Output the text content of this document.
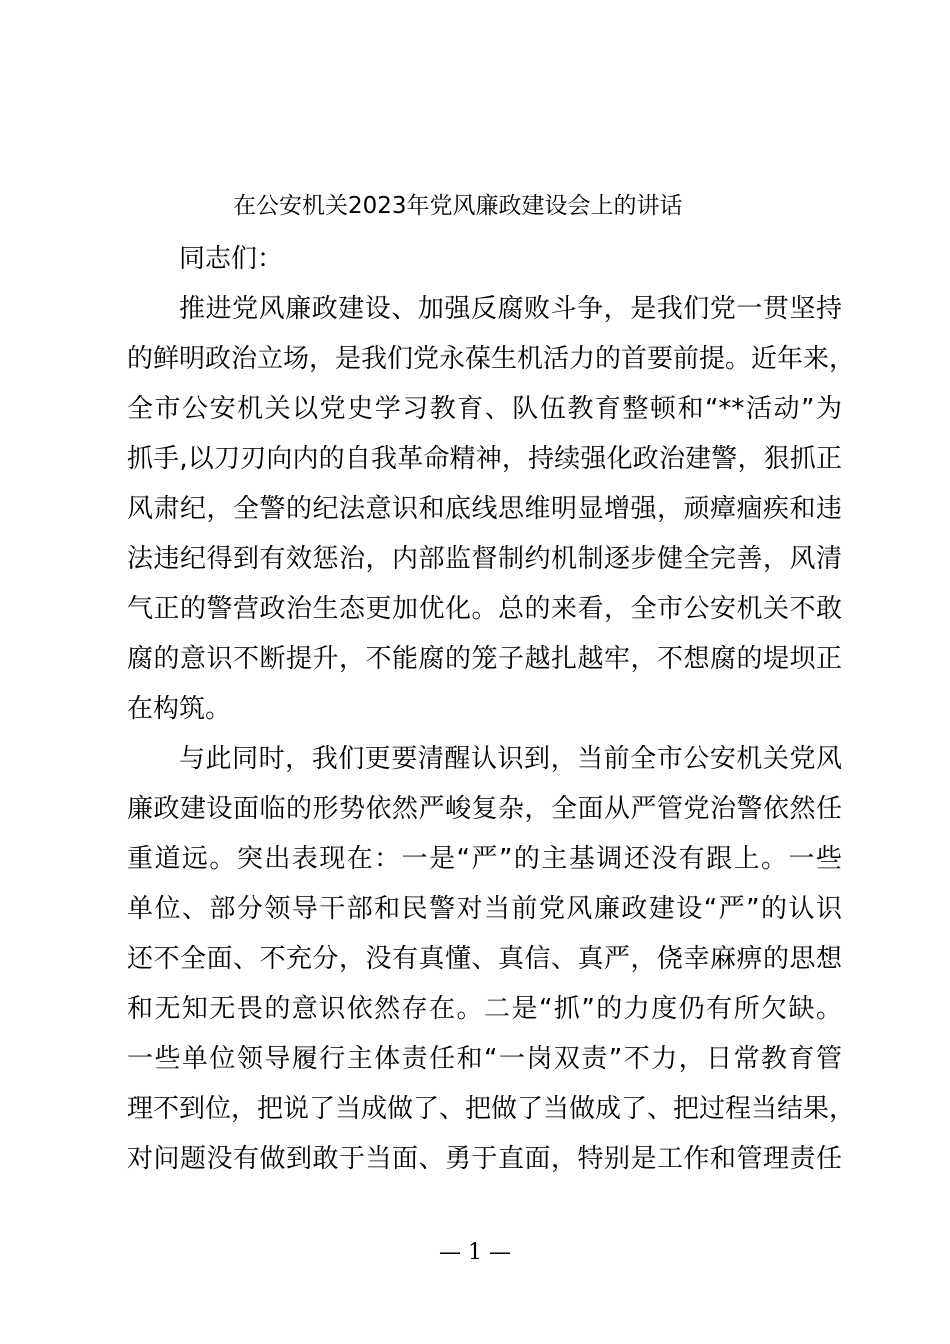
在公安机关2023年党风廉政建设会上的讲话
同志们：
推进党风廉政建设、加强反腐败斗争，是我们党一贯坚持
的鲜明政治立场，是我们党永葆生机活力的首要前提。近年来，
全市公安机关以党史学习教育、队伍教育整顿和“**活动”为
抓手,以刀刃向内的自我革命精神，持续强化政治建警，狠抓正
风肃纪，全警的纪法意识和底线思维明显增强，顽瘴痼疾和违
法违纪得到有效惩治，内部监督制约机制逐步健全完善，风清
气正的警营政治生态更加优化。总的来看，全市公安机关不敢
腐的意识不断提升，不能腐的笼子越扎越牢，不想腐的堤坝正
在构筑。
与此同时，我们更要清醒认识到，当前全市公安机关党风
廉政建设面临的形势依然严峻复杂，全面从严管党治警依然任
重道远。突出表现在：一是“严”的主基调还没有跟上。一些
单位、部分领导干部和民警对当前党风廉政建设“严”的认识
还不全面、不充分，没有真懂、真信、真严，侥幸麻痹的思想
和无知无畏的意识依然存在。二是“抓”的力度仍有所欠缺。
一些单位领导履行主体责任和“一岗双责”不力，日常教育管
理不到位，把说了当成做了、把做了当做成了、把过程当结果，
对问题没有做到敢于当面、勇于直面，特别是工作和管理责任
— 1 —
